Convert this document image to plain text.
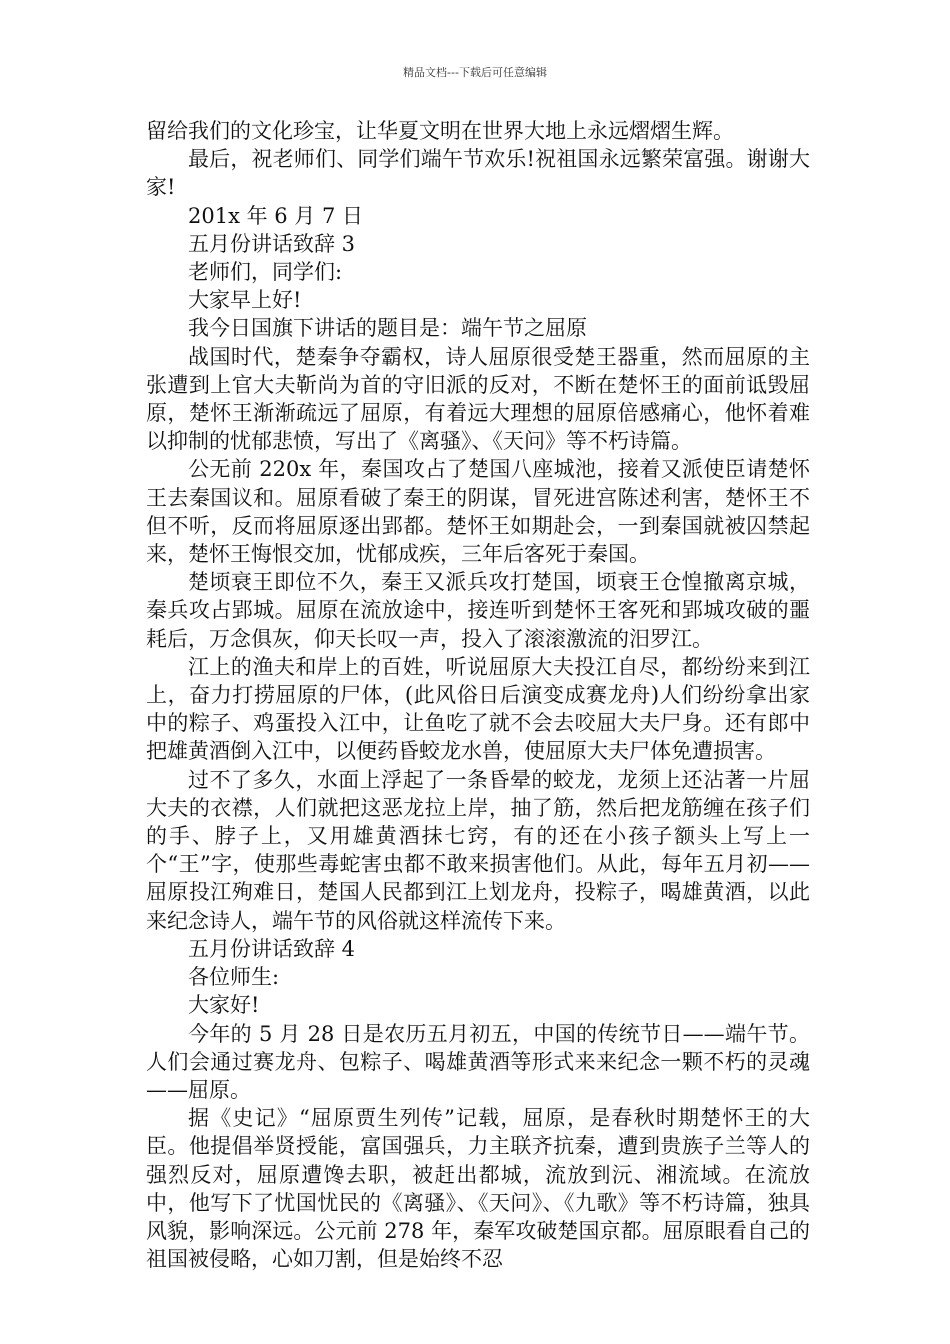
精品文档---下载后可任意编辑

留给我们的文化珍宝，让华夏文明在世界大地上永远熠熠生辉。

最后，祝老师们、同学们端午节欢乐!祝祖国永远繁荣富强。谢谢大家!

201x 年 6 月 7 日

五月份讲话致辞 3

老师们，同学们:

大家早上好!

我今日国旗下讲话的题目是：端午节之屈原

战国时代，楚秦争夺霸权，诗人屈原很受楚王器重，然而屈原的主张遭到上官大夫靳尚为首的守旧派的反对，不断在楚怀王的面前诋毁屈原，楚怀王渐渐疏远了屈原，有着远大理想的屈原倍感痛心，他怀着难以抑制的忧郁悲愤，写出了《离骚》、《天问》等不朽诗篇。

公无前 220x 年，秦国攻占了楚国八座城池，接着又派使臣请楚怀王去秦国议和。屈原看破了秦王的阴谋，冒死进宫陈述利害，楚怀王不但不听，反而将屈原逐出郢都。楚怀王如期赴会，一到秦国就被囚禁起来，楚怀王悔恨交加，忧郁成疾，三年后客死于秦国。

楚顷衰王即位不久，秦王又派兵攻打楚国，顷衰王仓惶撤离京城，秦兵攻占郢城。屈原在流放途中，接连听到楚怀王客死和郢城攻破的噩耗后，万念俱灰，仰天长叹一声，投入了滚滚激流的汨罗江。

江上的渔夫和岸上的百姓，听说屈原大夫投江自尽，都纷纷来到江上，奋力打捞屈原的尸体，(此风俗日后演变成赛龙舟)人们纷纷拿出家中的粽子、鸡蛋投入江中，让鱼吃了就不会去咬屈大夫尸身。还有郎中把雄黄酒倒入江中，以便药昏蛟龙水兽，使屈原大夫尸体免遭损害。

过不了多久，水面上浮起了一条昏晕的蛟龙，龙须上还沾著一片屈大夫的衣襟，人们就把这恶龙拉上岸，抽了筋，然后把龙筋缠在孩子们的手、脖子上，又用雄黄酒抹七窍，有的还在小孩子额头上写上一个“王”字，使那些毒蛇害虫都不敢来损害他们。从此，每年五月初——屈原投江殉难日，楚国人民都到江上划龙舟，投粽子，喝雄黄酒，以此来纪念诗人，端午节的风俗就这样流传下来。

五月份讲话致辞 4

各位师生:

大家好!

今年的 5 月 28 日是农历五月初五，中国的传统节日——端午节。人们会通过赛龙舟、包粽子、喝雄黄酒等形式来来纪念一颗不朽的灵魂——屈原。

据《史记》“屈原贾生列传”记载，屈原，是春秋时期楚怀王的大臣。他提倡举贤授能，富国强兵，力主联齐抗秦，遭到贵族子兰等人的强烈反对，屈原遭馋去职，被赶出都城，流放到沅、湘流域。在流放中，他写下了忧国忧民的《离骚》、《天问》、《九歌》等不朽诗篇，独具风貌，影响深远。公元前 278 年，秦军攻破楚国京都。屈原眼看自己的祖国被侵略，心如刀割，但是始终不忍
